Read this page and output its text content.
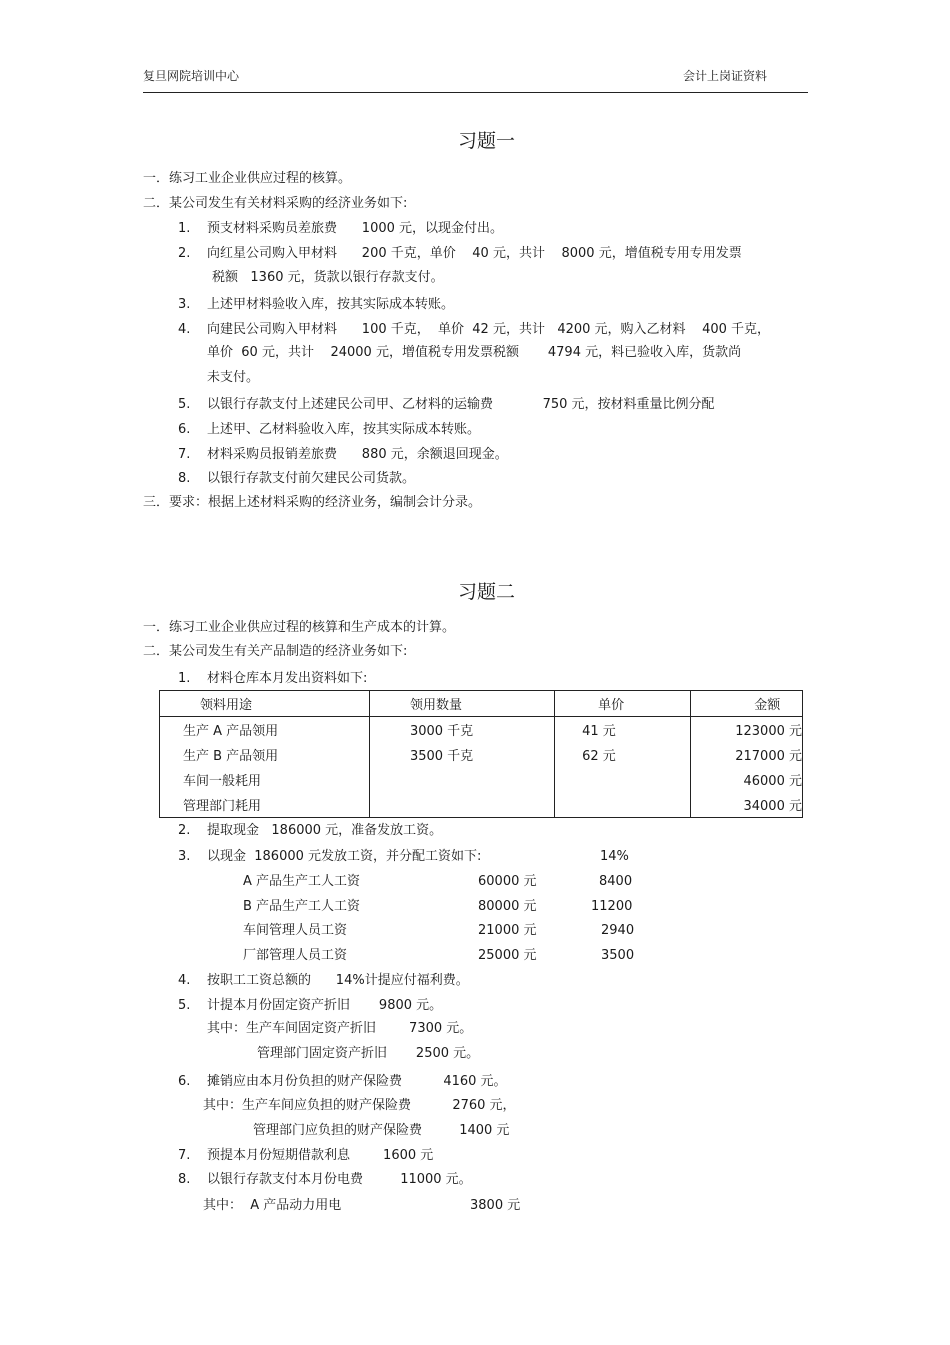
复旦网院培训中心	会计上岗证资料
习题一
一．练习工业企业供应过程的核算。
二．某公司发生有关材料采购的经济业务如下:
1. 预支材料采购员差旅费      1000 元，以现金付出。
2. 向红星公司购入甲材料      200 千克，单价    40 元，共计    8000 元，增值税专用专用发票
税额   1360 元，货款以银行存款支付。
3. 上述甲材料验收入库，按其实际成本转账。
4. 向建民公司购入甲材料      100 千克，  单价  42 元，共计   4200 元，购入乙材料    400 千克，
单价  60 元，共计    24000 元，增值税专用发票税额       4794 元，料已验收入库，货款尚
未支付。
5. 以银行存款支付上述建民公司甲、乙材料的运输费            750 元，按材料重量比例分配
6. 上述甲、乙材料验收入库，按其实际成本转账。
7. 材料采购员报销差旅费      880 元，余额退回现金。
8. 以银行存款支付前欠建民公司货款。
三．要求：根据上述材料采购的经济业务，编制会计分录。
习题二
一．练习工业企业供应过程的核算和生产成本的计算。
二．某公司发生有关产品制造的经济业务如下:
1. 材料仓库本月发出资料如下:
领料用途	领用数量	单价	金额
生产 A 产品领用	3000 千克	41 元	123000 元
生产 B 产品领用	3500 千克	62 元	217000 元
车间一般耗用			46000 元
管理部门耗用			34000 元
2. 提取现金   186000 元，准备发放工资。
3. 以现金  186000 元发放工资，并分配工资如下:	14%
A 产品生产工人工资	60000 元	8400
B 产品生产工人工资	80000 元	11200
车间管理人员工资	21000 元	2940
厂部管理人员工资	25000 元	3500
4. 按职工工资总额的      14%计提应付福利费。
5. 计提本月份固定资产折旧       9800 元。
其中：生产车间固定资产折旧        7300 元。
管理部门固定资产折旧       2500 元。
6. 摊销应由本月份负担的财产保险费          4160 元。
其中：生产车间应负担的财产保险费          2760 元，
管理部门应负担的财产保险费         1400 元
7. 预提本月份短期借款利息        1600 元
8. 以银行存款支付本月份电费         11000 元。
其中：  A 产品动力用电	3800 元
